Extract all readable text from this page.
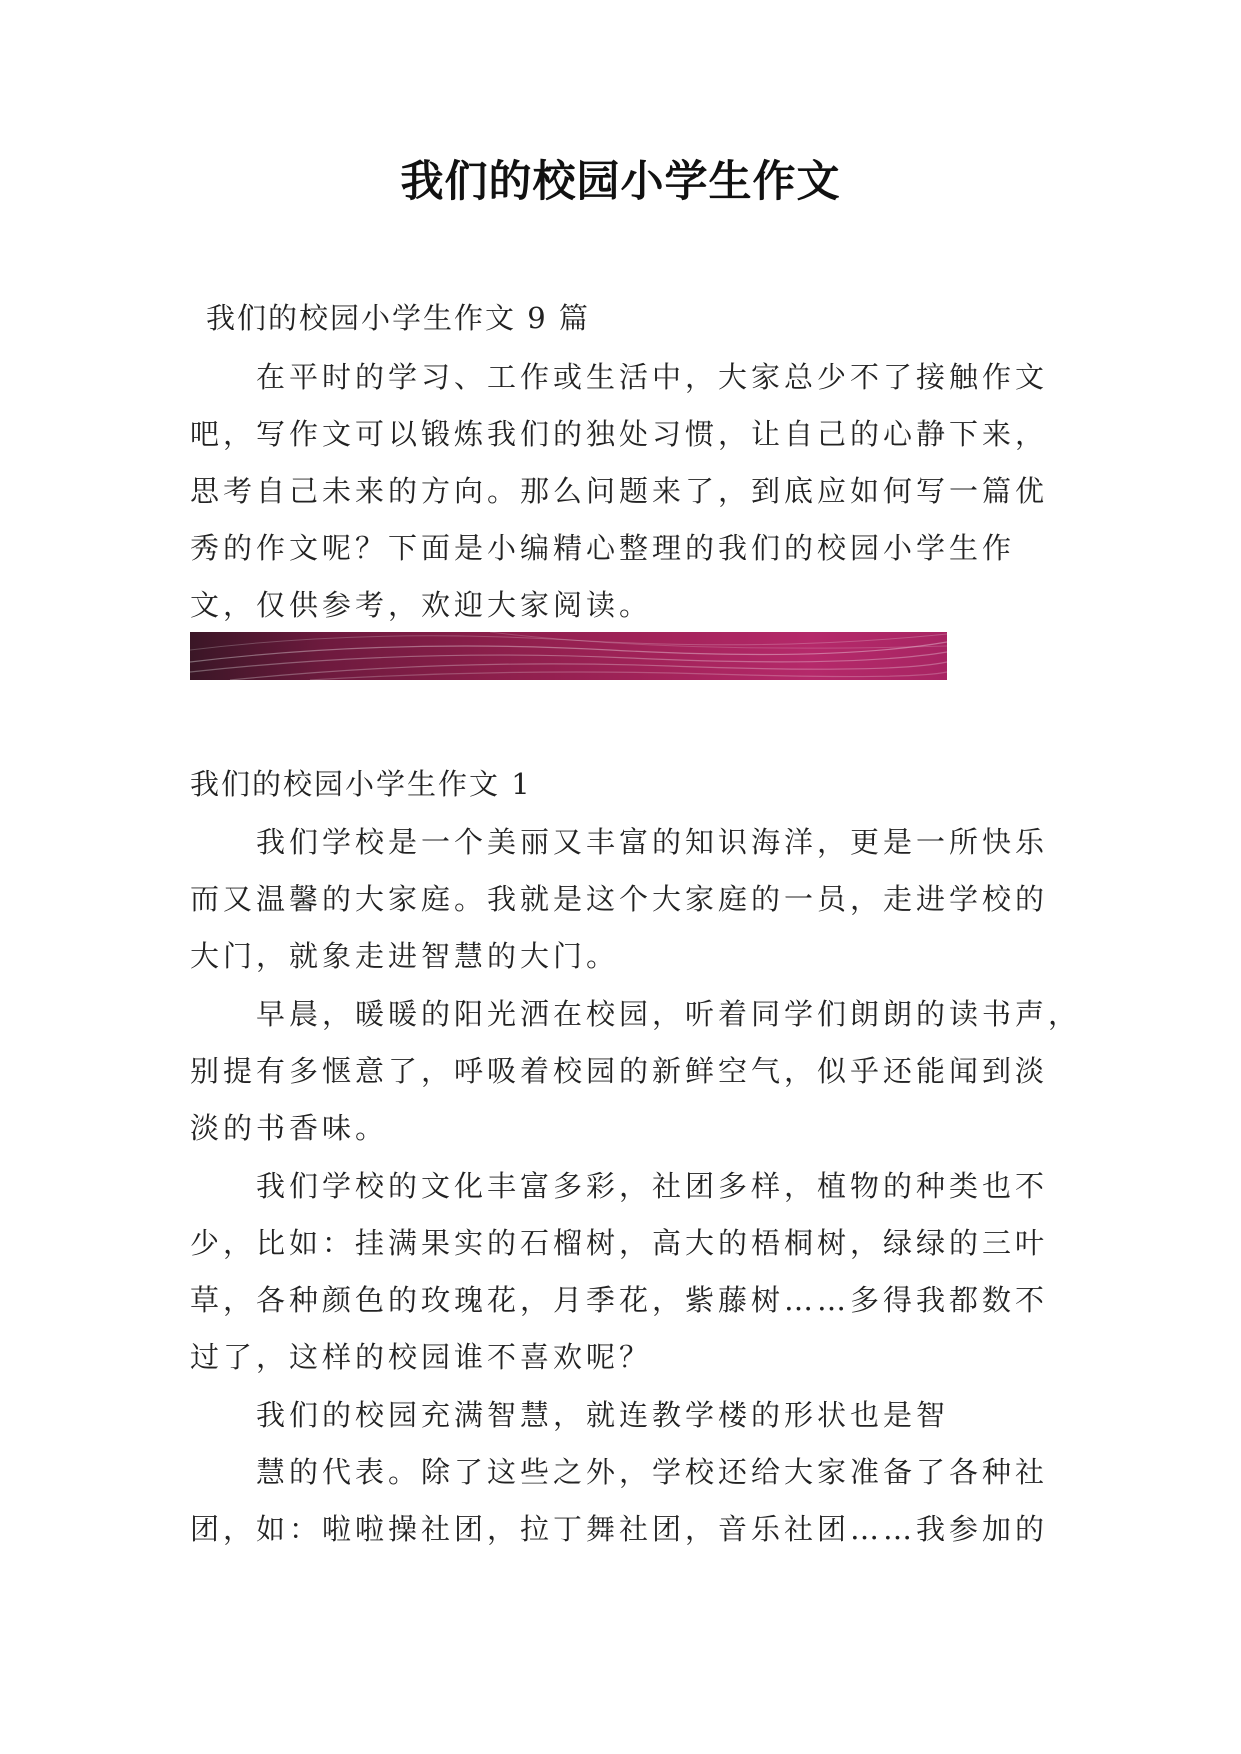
我们的校园小学生作文

我们的校园小学生作文 9 篇

在平时的学习、工作或生活中，大家总少不了接触作文

吧，写作文可以锻炼我们的独处习惯，让自己的心静下来，

思考自己未来的方向。那么问题来了，到底应如何写一篇优

秀的作文呢？下面是小编精心整理的我们的校园小学生作

文，仅供参考，欢迎大家阅读。

我们的校园小学生作文 1

我们学校是一个美丽又丰富的知识海洋，更是一所快乐

而又温馨的大家庭。我就是这个大家庭的一员，走进学校的

大门，就象走进智慧的大门。

早晨，暖暖的阳光洒在校园，听着同学们朗朗的读书声，

别提有多惬意了，呼吸着校园的新鲜空气，似乎还能闻到淡

淡的书香味。

我们学校的文化丰富多彩，社团多样，植物的种类也不

少，比如：挂满果实的石榴树，高大的梧桐树，绿绿的三叶

草，各种颜色的玫瑰花，月季花，紫藤树……多得我都数不

过了，这样的校园谁不喜欢呢？

我们的校园充满智慧，就连教学楼的形状也是智

慧的代表。除了这些之外，学校还给大家准备了各种社

团，如：啦啦操社团，拉丁舞社团，音乐社团……我参加的
